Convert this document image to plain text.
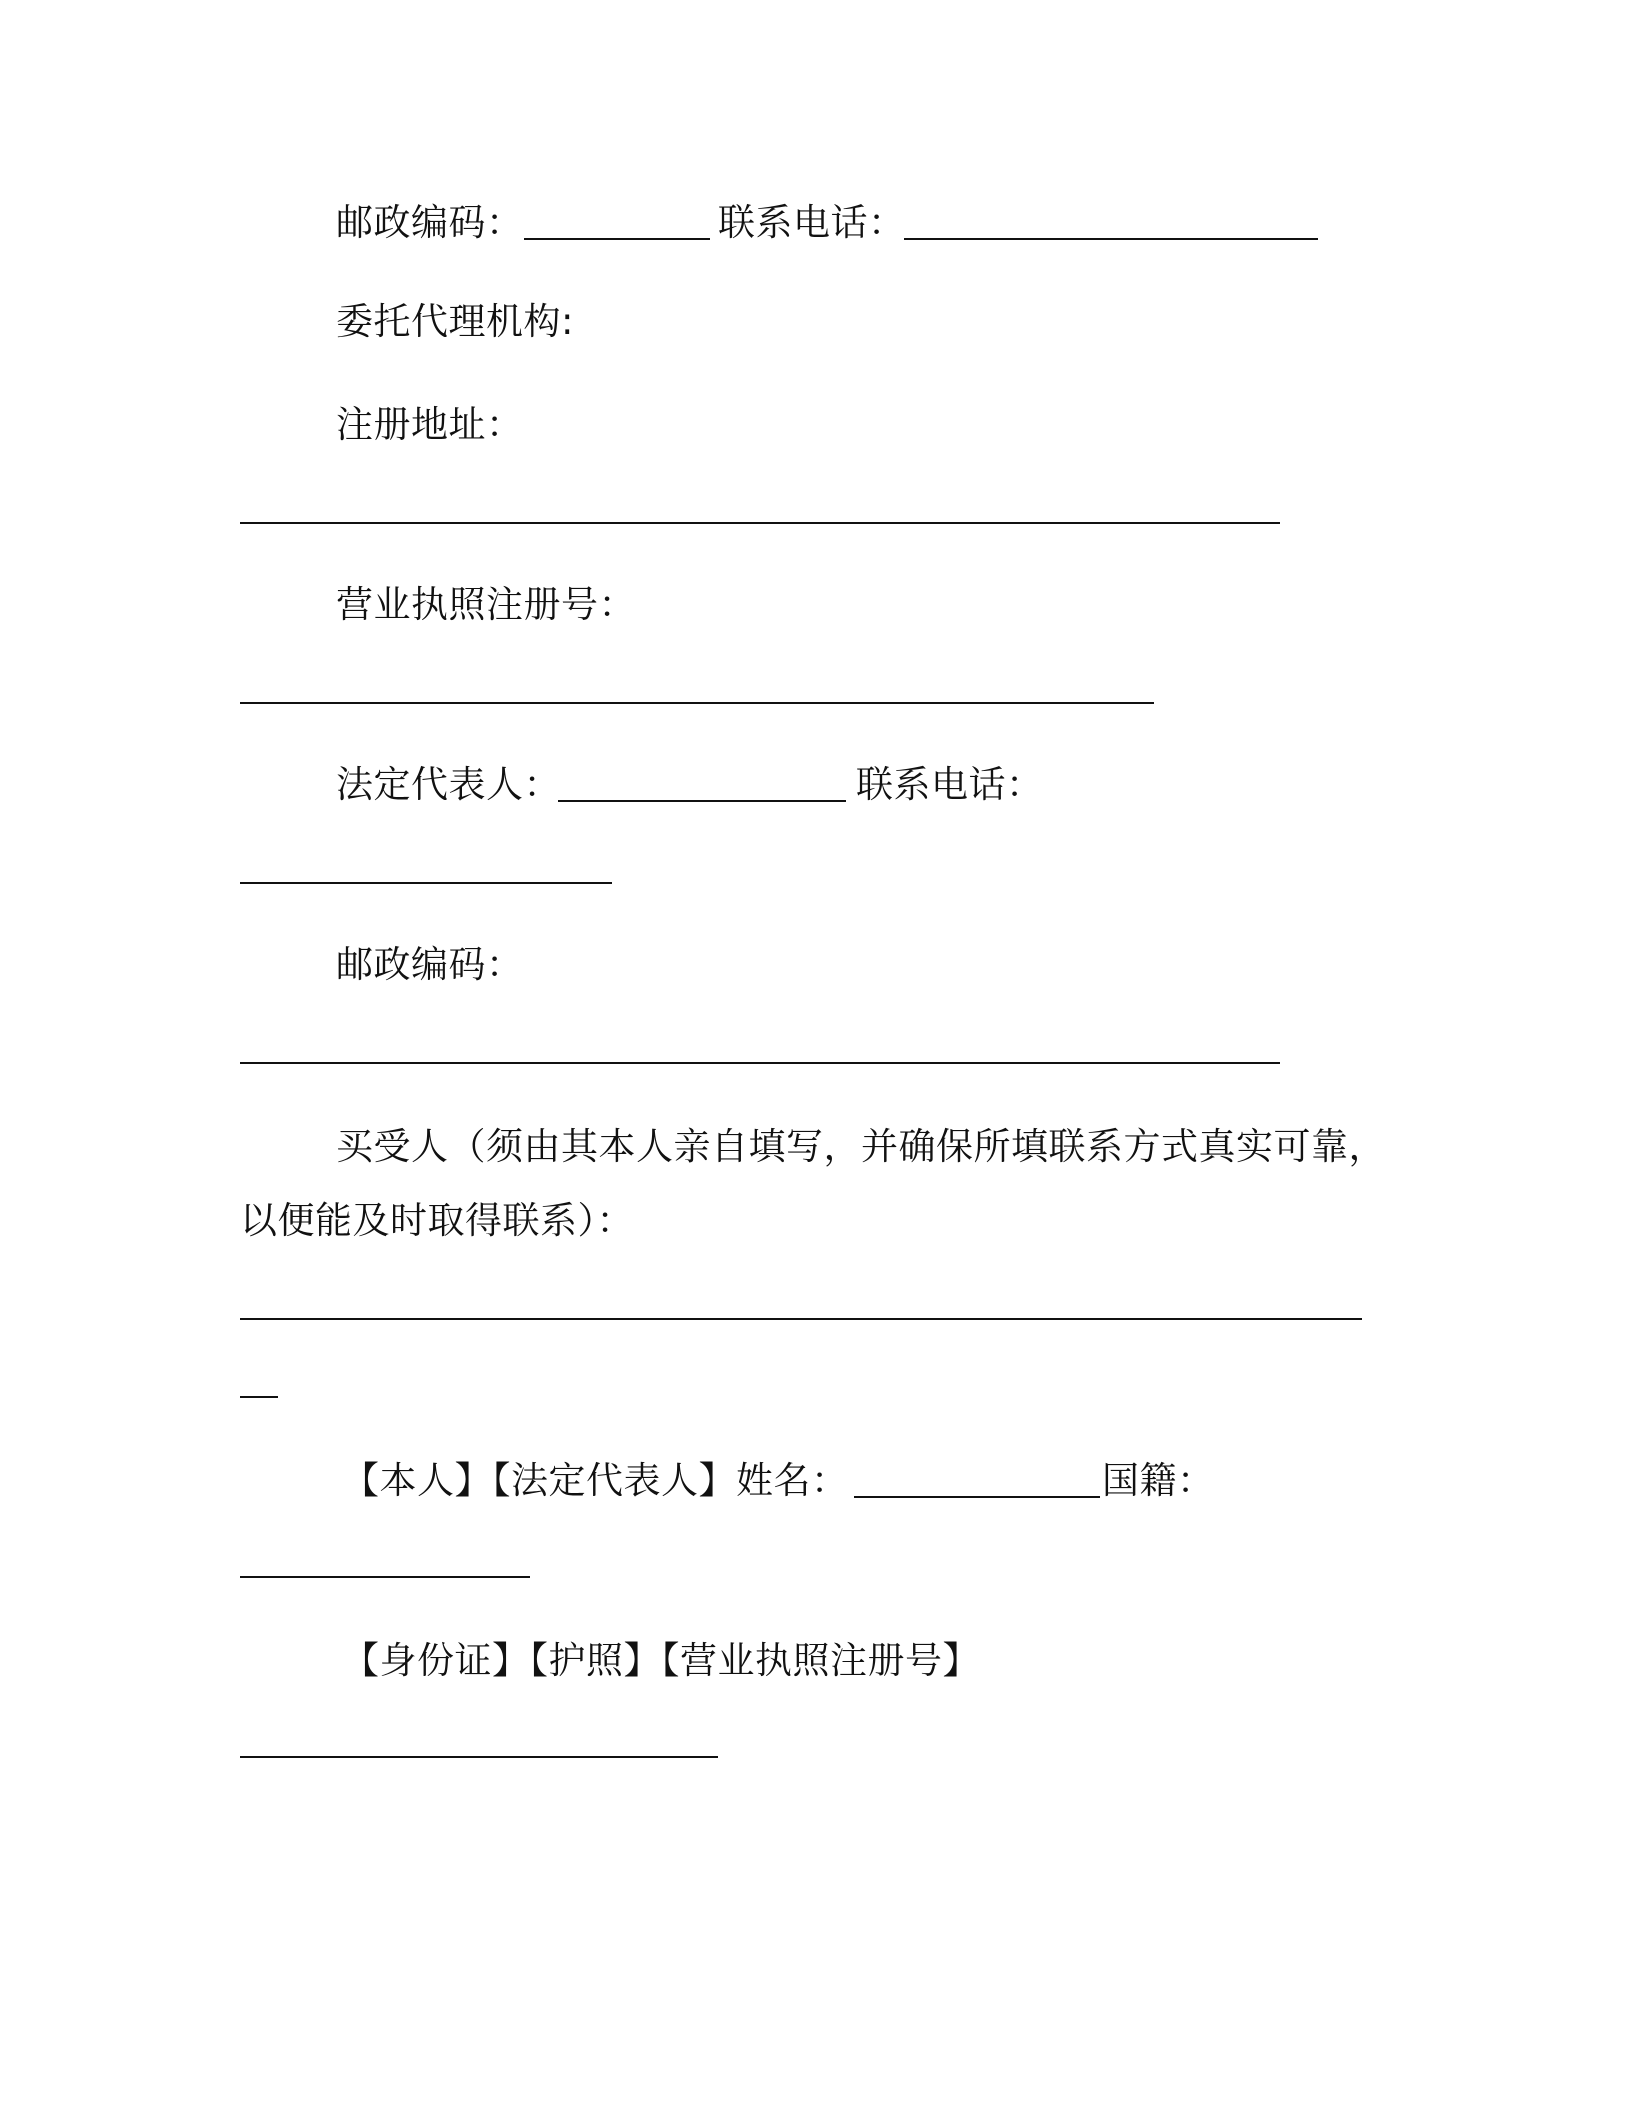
邮政编码：	联系电话：
委托代理机构:
注册地址：
营业执照注册号：
法定代表人：	联系电话：
邮政编码：
买受人（须由其本人亲自填写，并确保所填联系方式真实可靠，
以便能及时取得联系）：
【本人】【法定代表人】姓名：	国籍：
【身份证】【护照】【营业执照注册号】
